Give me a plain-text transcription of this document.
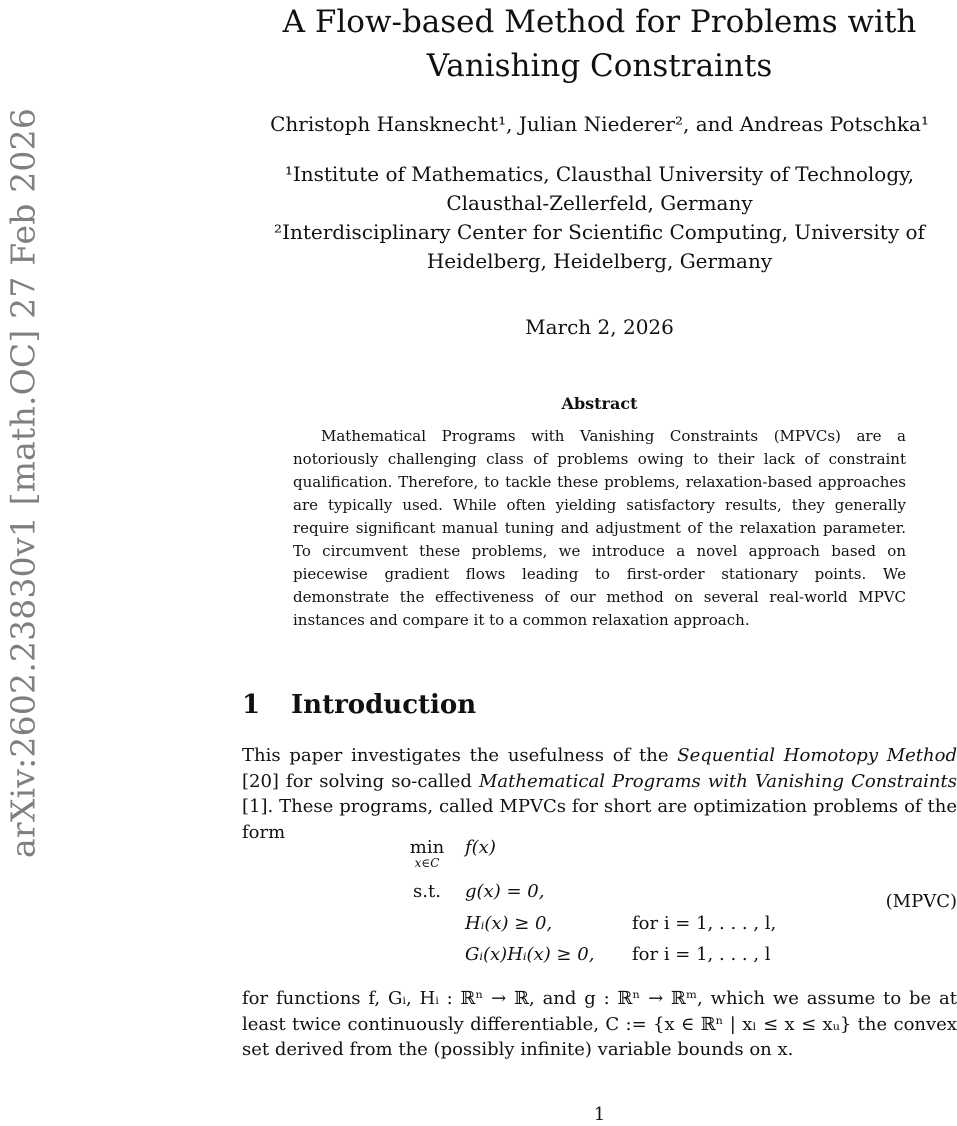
arXiv:2602.23830v1 [math.OC] 27 Feb 2026
A Flow-based Method for Problems with Vanishing Constraints
Christoph Hansknecht¹, Julian Niederer², and Andreas Potschka¹
¹Institute of Mathematics, Clausthal University of Technology, Clausthal-Zellerfeld, Germany
²Interdisciplinary Center for Scientific Computing, University of Heidelberg, Heidelberg, Germany
March 2, 2026
Abstract

Mathematical Programs with Vanishing Constraints (MPVCs) are a notoriously challenging class of problems owing to their lack of constraint qualification. Therefore, to tackle these problems, relaxation-based approaches are typically used. While often yielding satisfactory results, they generally require significant manual tuning and adjustment of the relaxation parameter. To circumvent these problems, we introduce a novel approach based on piecewise gradient flows leading to first-order stationary points. We demonstrate the effectiveness of our method on several real-world MPVC instances and compare it to a common relaxation approach.

1 Introduction

This paper investigates the usefulness of the Sequential Homotopy Method [20] for solving so-called Mathematical Programs with Vanishing Constraints [1]. These programs, called MPVCs for short are optimization problems of the form

min
x∈C
f(x)
s.t.	g(x) = 0,
Hᵢ(x) ≥ 0,	for i = 1, . . . , l,
Gᵢ(x)Hᵢ(x) ≥ 0, for i = 1, . . . , l
(MPVC)

for functions f, Gᵢ, Hᵢ : ℝⁿ → ℝ, and g : ℝⁿ → ℝᵐ, which we assume to be at least twice continuously differentiable, C := {x ∈ ℝⁿ | xₗ ≤ x ≤ xᵤ} the convex set derived from the (possibly infinite) variable bounds on x.

1
